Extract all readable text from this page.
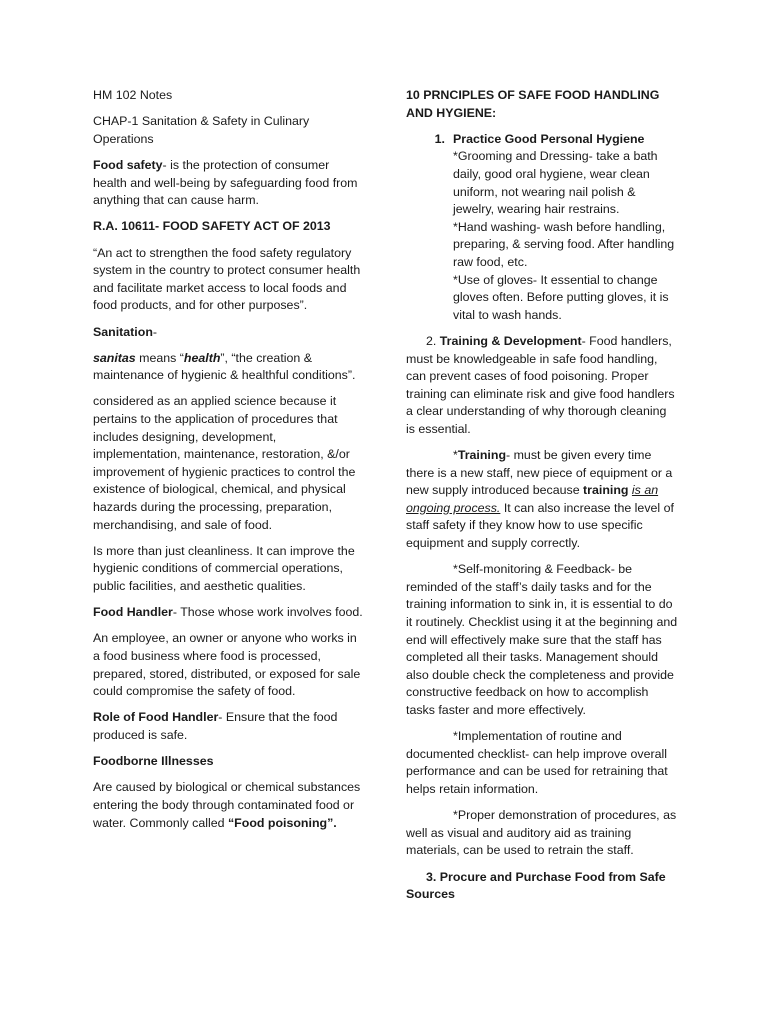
HM 102 Notes

CHAP-1 Sanitation & Safety in Culinary Operations

Food safety- is the protection of consumer health and well-being by safeguarding food from anything that can cause harm.

R.A. 10611- FOOD SAFETY ACT OF 2013

“An act to strengthen the food safety regulatory system in the country to protect consumer health and facilitate market access to local foods and food products, and for other purposes”.

Sanitation-

sanitas means “health”, “the creation & maintenance of hygienic & healthful conditions”.

considered as an applied science because it pertains to the application of procedures that includes designing, development, implementation, maintenance, restoration, &/or improvement of hygienic practices to control the existence of biological, chemical, and physical hazards during the processing, preparation, merchandising, and sale of food.

Is more than just cleanliness. It can improve the hygienic conditions of commercial operations, public facilities, and aesthetic qualities.

Food Handler- Those whose work involves food.

An employee, an owner or anyone who works in a food business where food is processed, prepared, stored, distributed, or exposed for sale could compromise the safety of food.

Role of Food Handler- Ensure that the food produced is safe.

Foodborne Illnesses

Are caused by biological or chemical substances entering the body through contaminated food or water. Commonly called “Food poisoning”.

10 PRNCIPLES OF SAFE FOOD HANDLING AND HYGIENE:

1. Practice Good Personal Hygiene
*Grooming and Dressing- take a bath daily, good oral hygiene, wear clean uniform, not wearing nail polish & jewelry, wearing hair restrains.
*Hand washing- wash before handling, preparing, & serving food. After handling raw food, etc.
*Use of gloves- It essential to change gloves often. Before putting gloves, it is vital to wash hands.

2. Training & Development- Food handlers, must be knowledgeable in safe food handling, can prevent cases of food poisoning. Proper training can eliminate risk and give food handlers a clear understanding of why thorough cleaning is essential.

*Training- must be given every time there is a new staff, new piece of equipment or a new supply introduced because training is an ongoing process. It can also increase the level of staff safety if they know how to use specific equipment and supply correctly.

*Self-monitoring & Feedback- be reminded of the staff’s daily tasks and for the training information to sink in, it is essential to do it routinely. Checklist using it at the beginning and end will effectively make sure that the staff has completed all their tasks. Management should also double check the completeness and provide constructive feedback on how to accomplish tasks faster and more effectively.

*Implementation of routine and documented checklist- can help improve overall performance and can be used for retraining that helps retain information.

*Proper demonstration of procedures, as well as visual and auditory aid as training materials, can be used to retrain the staff.

3. Procure and Purchase Food from Safe Sources
